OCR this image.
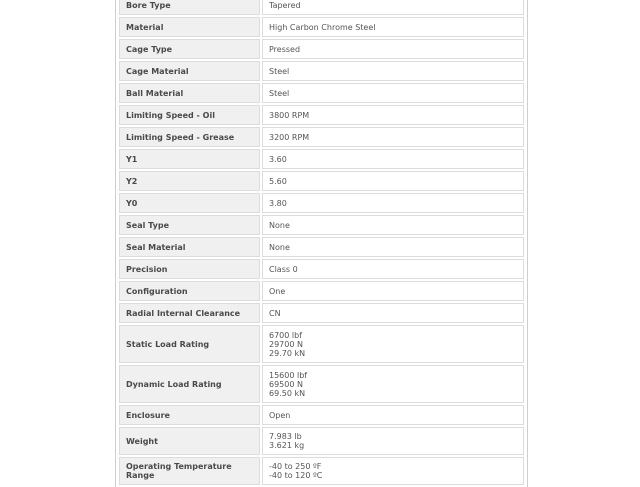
Bore Type	Tapered

Material	High Carbon Chrome Steel

Cage Type	Pressed

Cage Material	Steel

Ball Material	Steel

Limiting Speed - Oil	3800 RPM

Limiting Speed - Grease	3200 RPM

Y1	3.60

Y2	5.60

Y0	3.80

Seal Type	None

Seal Material	None

Precision	Class 0

Configuration	One

Radial Internal Clearance	CN

Static Load Rating	6700 lbf
29700 N
29.70 kN

Dynamic Load Rating	15600 lbf
69500 N
69.50 kN

Enclosure	Open

Weight	7.983 lb
3.621 kg

Operating Temperature Range	-40 to 250 ºF
-40 to 120 ºC
